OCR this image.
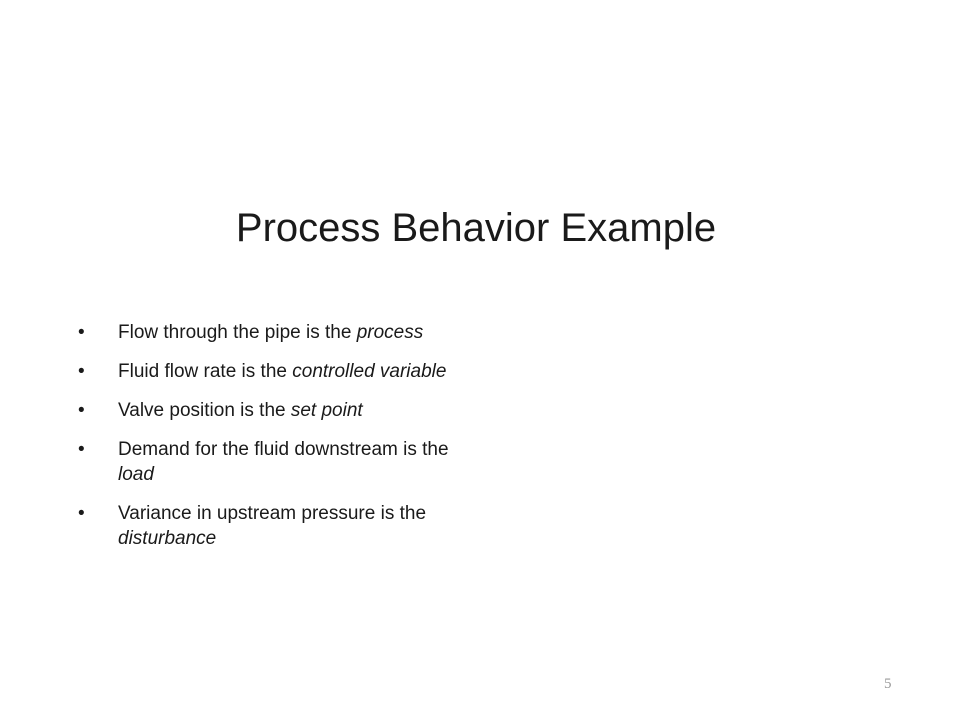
Process Behavior Example
• Flow through the pipe is the process
• Fluid flow rate is the controlled variable
• Valve position is the set point
• Demand for the fluid downstream is the load
• Variance in upstream pressure is the disturbance
5
